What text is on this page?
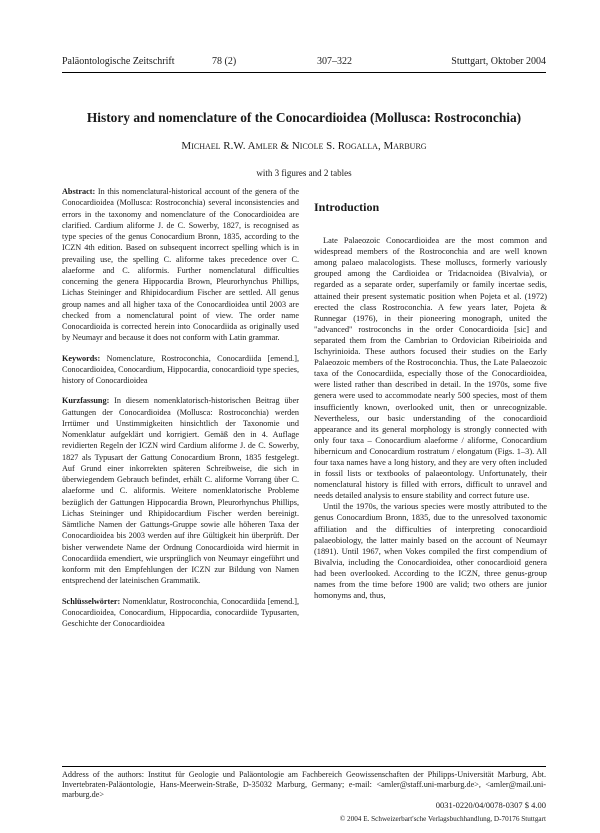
Paläontologische Zeitschrift	78 (2)	307–322	Stuttgart, Oktober 2004
History and nomenclature of the Conocardioidea (Mollusca: Rostroconchia)
Michael R.W. Amler & Nicole S. Rogalla, Marburg
with 3 figures and 2 tables

Abstract: In this nomenclatural-historical account of the genera of the Conocardioidea (Mollusca: Rostroconchia) several inconsistencies and errors in the taxonomy and nomenclature of the Conocardioidea are clarified. Cardium aliforme J. de C. Sowerby, 1827, is recognised as type species of the genus Conocardium Bronn, 1835, according to the ICZN 4th edition. Based on subsequent incorrect spelling which is in prevailing use, the spelling C. aliforme takes precedence over C. alaeforme and C. aliformis. Further nomenclatural difficulties concerning the genera Hippocardia Brown, Pleurorhynchus Phillips, Lichas Steininger and Rhipidocardium Fischer are settled. All genus group names and all higher taxa of the Conocardioidea until 2003 are checked from a nomenclatural point of view. The order name Conocardioida is corrected herein into Conocardiida as originally used by Neumayr and because it does not conform with Latin grammar.

Keywords: Nomenclature, Rostroconchia, Conocardiida [emend.], Conocardioidea, Conocardium, Hippocardia, conocardioid type species, history of Conocardioidea

Kurzfassung: In diesem nomenklatorisch-historischen Beitrag über Gattungen der Conocardioidea (Mollusca: Rostroconchia) werden Irrtümer und Unstimmigkeiten hinsichtlich der Taxonomie und Nomenklatur aufgeklärt und korrigiert. Gemäß den in 4. Auflage revidierten Regeln der ICZN wird Cardium aliforme J. de C. Sowerby, 1827 als Typusart der Gattung Conocardium Bronn, 1835 festgelegt. Auf Grund einer inkorrekten späteren Schreibweise, die sich in überwiegendem Gebrauch befindet, erhält C. aliforme Vorrang über C. alaeforme und C. aliformis. Weitere nomenklatorische Probleme bezüglich der Gattungen Hippocardia Brown, Pleurorhynchus Phillips, Lichas Steininger und Rhipidocardium Fischer werden bereinigt. Sämtliche Namen der Gattungs-Gruppe sowie alle höheren Taxa der Conocardioidea bis 2003 werden auf ihre Gültigkeit hin überprüft. Der bisher verwendete Name der Ordnung Conocardioida wird hiermit in Conocardiida emendiert, wie ursprünglich von Neumayr eingeführt und konform mit den Empfehlungen der ICZN zur Bildung von Namen entsprechend der lateinischen Grammatik.

Schlüsselwörter: Nomenklatur, Rostroconchia, Conocardiida [emend.], Conocardioidea, Conocardium, Hippocardia, conocardiide Typusarten, Geschichte der Conocardioidea

Introduction

Late Palaeozoic Conocardioidea are the most common and widespread members of the Rostroconchia and are well known among palaeo malacologists. These molluscs, formerly variously grouped among the Cardioidea or Tridacnoidea (Bivalvia), or regarded as a separate order, superfamily or family incertae sedis, attained their present systematic position when Pojeta et al. (1972) erected the class Rostroconchia. A few years later, Pojeta & Runnegar (1976), in their pioneering monograph, united the "advanced" rostroconchs in the order Conocardioida [sic] and separated them from the Cambrian to Ordovician Ribeirioida and Ischyrinioida. These authors focused their studies on the Early Palaeozoic members of the Rostroconchia. Thus, the Late Palaeozoic taxa of the Conocardiida, especially those of the Conocardioidea, were listed rather than described in detail. In the 1970s, some five genera were used to accommodate nearly 500 species, most of them insufficiently known, overlooked unit, then or unrecognizable. Nevertheless, our basic understanding of the conocardioid appearance and its general morphology is strongly connected with only four taxa – Conocardium alaeforme / aliforme, Conocardium hibernicum and Conocardium rostratum / elongatum (Figs. 1–3). All four taxa names have a long history, and they are very often included in fossil lists or textbooks of palaeontology. Unfortunately, their nomenclatural history is filled with errors, difficult to unravel and needs detailed analysis to ensure stability and correct future use.

Until the 1970s, the various species were mostly attributed to the genus Conocardium Bronn, 1835, due to the unresolved taxonomic affiliation and the difficulties of interpreting conocardioid palaeobiology, the latter mainly based on the account of Neumayr (1891). Until 1967, when Vokes compiled the first compendium of Bivalvia, including the Conocardioidea, other conocardioid genera had been overlooked. According to the ICZN, three genus-group names from the time before 1900 are valid; two others are junior homonyms and, thus,

Address of the authors: Institut für Geologie und Paläontologie am Fachbereich Geowissenschaften der Philipps-Universität Marburg, Abt. Invertebraten-Paläontologie, Hans-Meerwein-Straße, D-35032 Marburg, Germany; e-mail: <amler@staff.uni-marburg.de>, <amler@mail.uni-marburg.de>
0031-0220/04/0078-0307 $ 4.00
© 2004 E. Schweizerbart'sche Verlagsbuchhandlung, D-70176 Stuttgart
